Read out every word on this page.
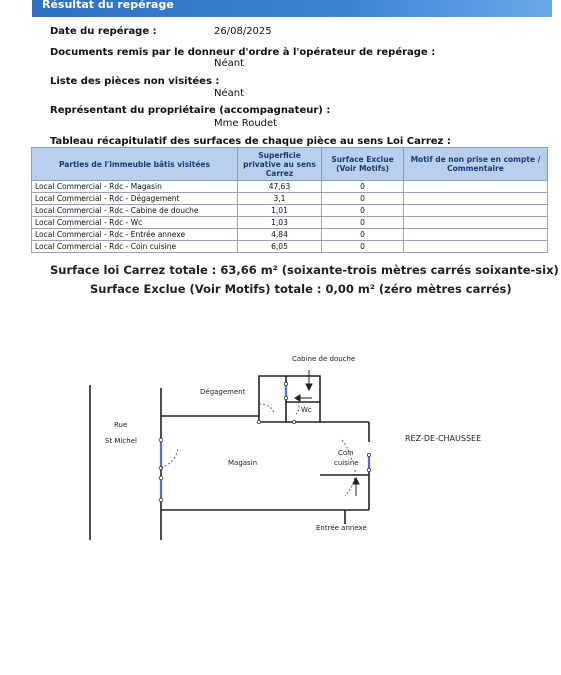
Résultat du repérage
Date du repérage :	26/08/2025
Documents remis par le donneur d'ordre à l'opérateur de repérage :
Néant
Liste des pièces non visitées :
Néant
Représentant du propriétaire (accompagnateur) :
Mme Roudet
Tableau récapitulatif des surfaces de chaque pièce au sens Loi Carrez :
Parties de l'immeuble bâtis visitées	Superficie privative au sens Carrez	Surface Exclue (Voir Motifs)	Motif de non prise en compte / Commentaire
Local Commercial - Rdc - Magasin	47,63	0	
Local Commercial - Rdc - Dégagement	3,1	0	
Local Commercial - Rdc - Cabine de douche	1,01	0	
Local Commercial - Rdc - Wc	1,03	0	
Local Commercial - Rdc - Entrée annexe	4,84	0	
Local Commercial - Rdc - Coin cuisine	6,05	0	
Surface loi Carrez totale : 63,66 m² (soixante-trois mètres carrés soixante-six)
Surface Exclue (Voir Motifs) totale : 0,00 m² (zéro mètres carrés)
Cabine de douche
Dégagement
Wc
Rue
St Michel
Magasin
Coin
cuisine
Entrée annexe
REZ-DE-CHAUSSEE
